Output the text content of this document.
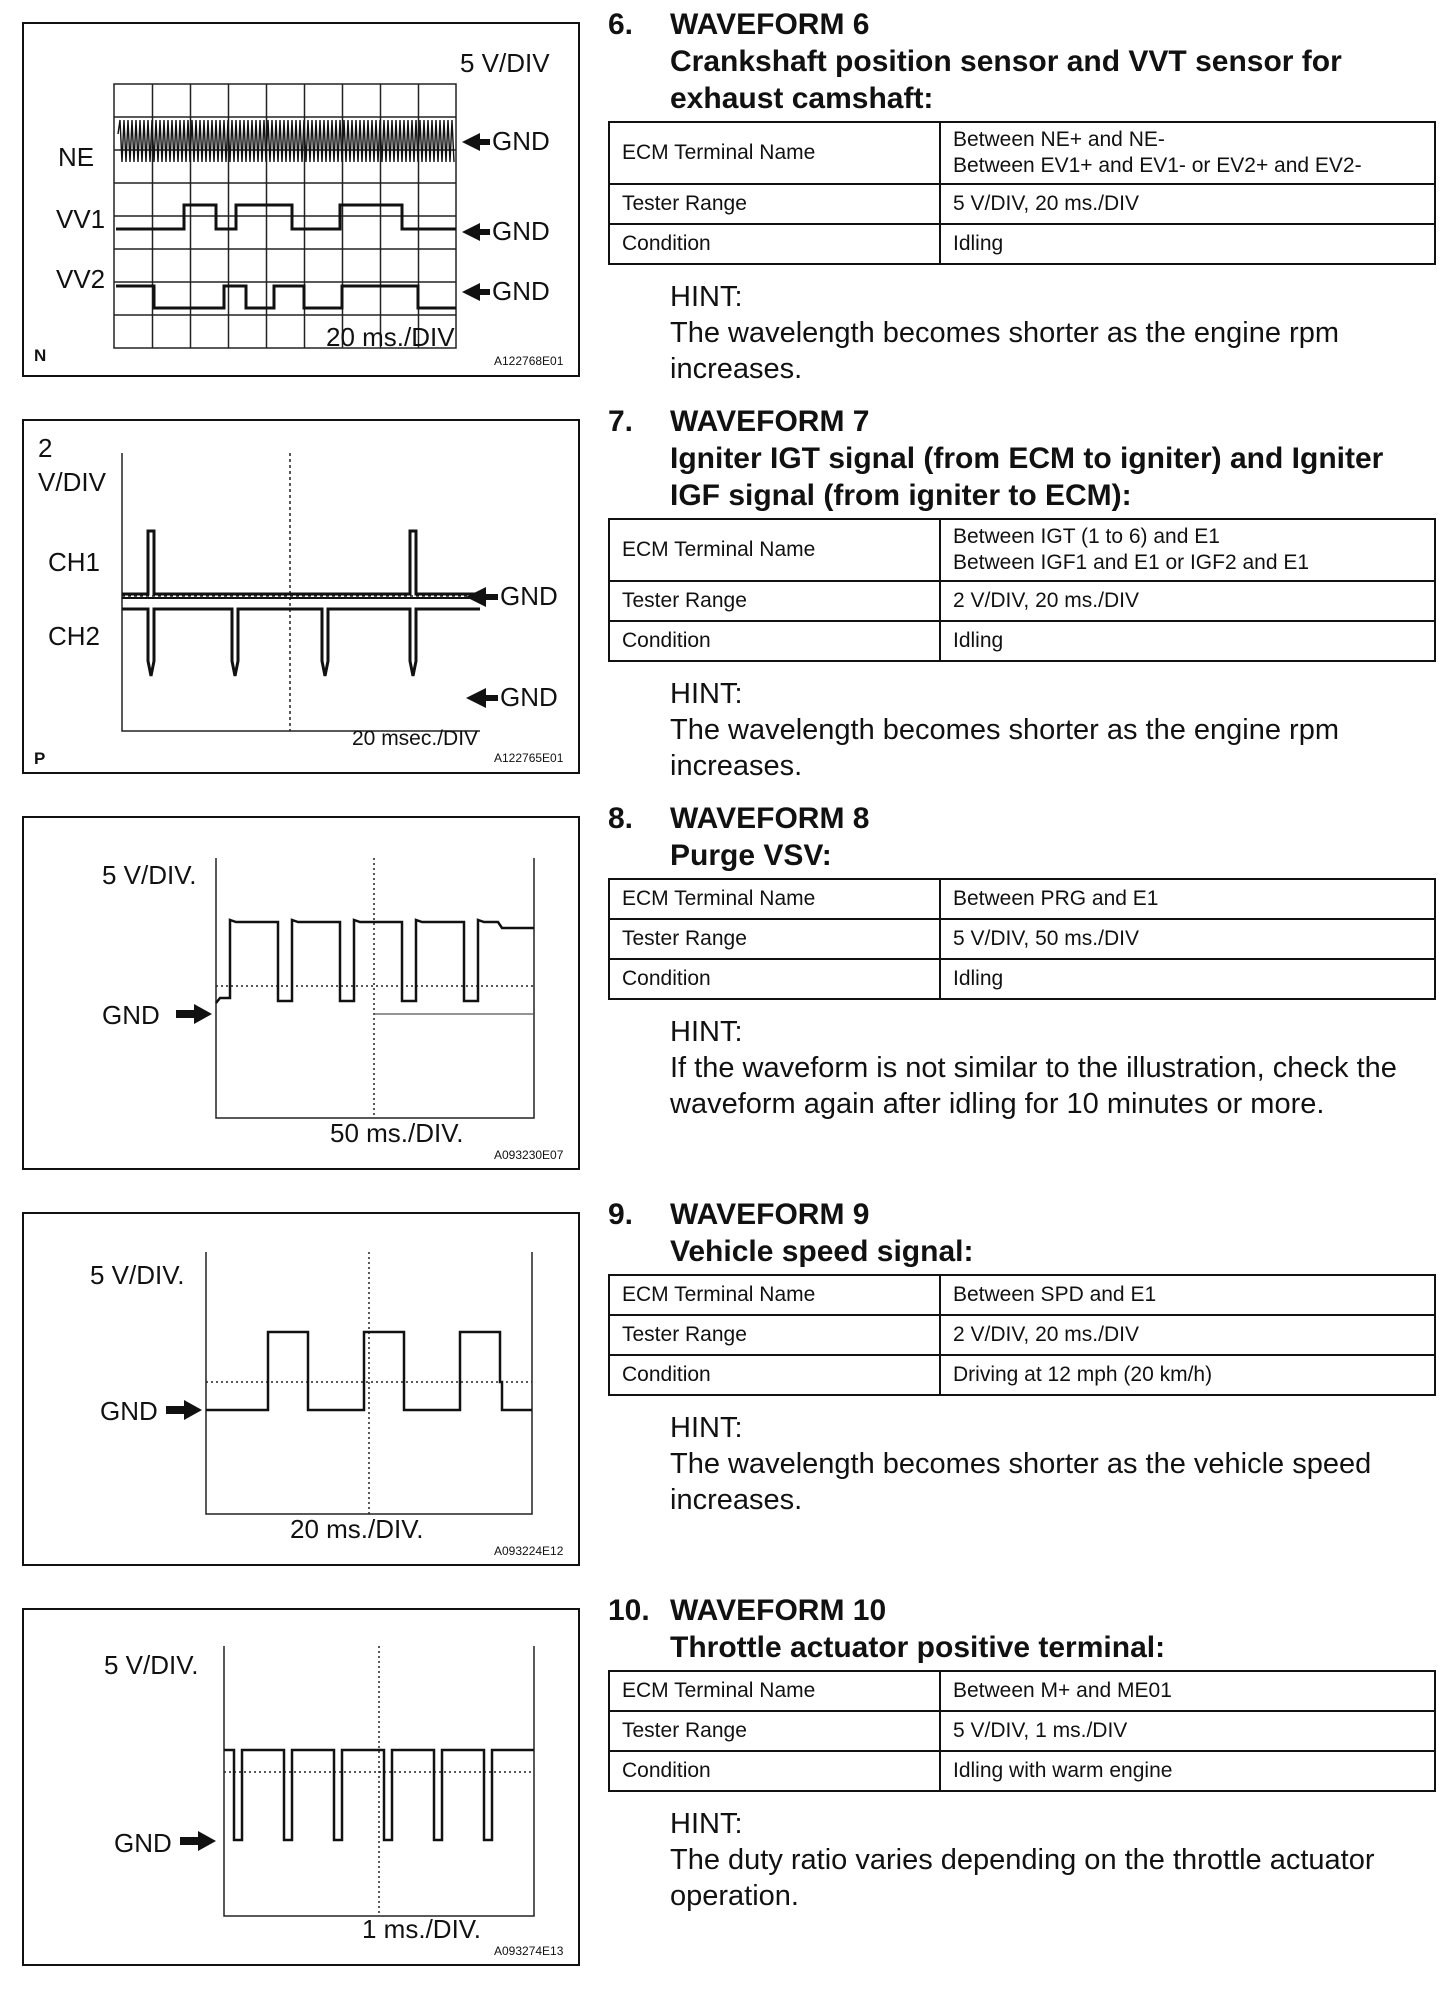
5 V/DIV
NE
VV1
VV2
GND
GND
GND
20 ms./DIV
N	A122768E01
2
V/DIV
CH1
CH2
GND
GND
20 msec./DIV
P	A122765E01
5 V/DIV.
GND
50 ms./DIV.
A093230E07
5 V/DIV.
GND
20 ms./DIV.
A093224E12
5 V/DIV.
GND
1 ms./DIV.
A093274E13
6.	WAVEFORM 6
Crankshaft position sensor and VVT sensor for exhaust camshaft:
ECM Terminal Name	Between NE+ and NE-
Between EV1+ and EV1- or EV2+ and EV2-

Tester Range	5 V/DIV, 20 ms./DIV
Condition	Idling
HINT:
The wavelength becomes shorter as the engine rpm increases.
7.	WAVEFORM 7
Igniter IGT signal (from ECM to igniter) and Igniter IGF signal (from igniter to ECM):
ECM Terminal Name	Between IGT (1 to 6) and E1
Between IGF1 and E1 or IGF2 and E1

Tester Range	2 V/DIV, 20 ms./DIV
Condition	Idling
HINT:
The wavelength becomes shorter as the engine rpm increases.
8.	WAVEFORM 8
Purge VSV:
ECM Terminal Name	Between PRG and E1
Tester Range	5 V/DIV, 50 ms./DIV
Condition	Idling
HINT:
If the waveform is not similar to the illustration, check the waveform again after idling for 10 minutes or more.
9.	WAVEFORM 9
Vehicle speed signal:
ECM Terminal Name	Between SPD and E1
Tester Range	2 V/DIV, 20 ms./DIV
Condition	Driving at 12 mph (20 km/h)
HINT:
The wavelength becomes shorter as the vehicle speed increases.
10. WAVEFORM 10
Throttle actuator positive terminal:
ECM Terminal Name	Between M+ and ME01
Tester Range	5 V/DIV, 1 ms./DIV
Condition	Idling with warm engine
HINT:
The duty ratio varies depending on the throttle actuator operation.
